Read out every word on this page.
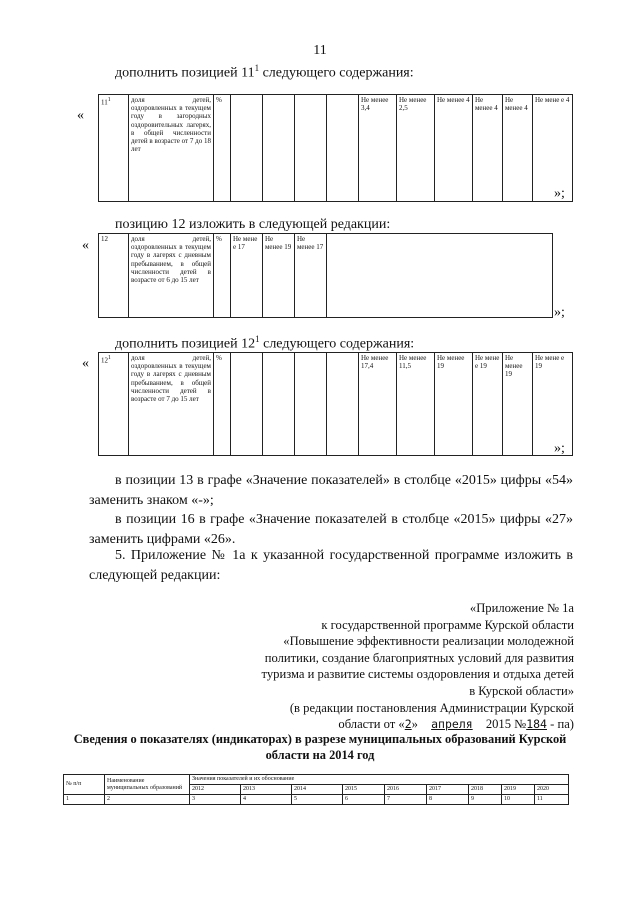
11
дополнить позицией $11^1$ следующего содержания:
«
$11^1$	доля детей, оздоровленных в текущем году в загородных оздоровительных лагерях, в общей численности детей в возрасте от 7 до 18 лет	%					Не менее 3,4	Не менее 2,5	Не менее 4	Не менее 4	Не менее 4	Не мене е 4
»;
позицию 12 изложить в следующей редакции:
« 12	доля детей, оздоровленных в текущем году в лагерях с дневным пребыванием, в общей численности детей в возрасте от 6 до 15 лет	%	Не мене е 17	Не менее 19	Не менее 17	
»;
дополнить позицией $12^1$ следующего содержания:
« $12^1$	доля детей, оздоровленных в текущем году в лагерях с дневным пребыванием, в общей численности детей в возрасте от 7 до 15 лет	%					Не менее 17,4	Не менее 11,5	Не менее 19	Не мене е 19	Не менее 19	Не мене е 19
»;
в позиции 13 в графе «Значение показателей» в столбце «2015» цифры «54» заменить знаком «-»;
в позиции 16 в графе «Значение показателей в столбце «2015» цифры «27» заменить цифрами «26».
5. Приложение № 1а к указанной государственной программе изложить в следующей редакции:
«Приложение № 1а
к государственной программе Курской области
«Повышение эффективности реализации молодежной
политики, создание благоприятных условий для развития
туризма и развитие системы оздоровления и отдыха детей
в Курской области»
(в редакции постановления Администрации Курской
области от «2» апреля 2015 №184 - па)
Сведения о показателях (индикаторах) в разрезе муниципальных образований Курской
области на 2014 год
№ п/п	Наименование муниципальных образований	Значения показателей и их обоснование								
		2012	2013	2014	2015	2016	2017	2018	2019	2020
1	2	3	4	5	6	7	8	9	10	11
